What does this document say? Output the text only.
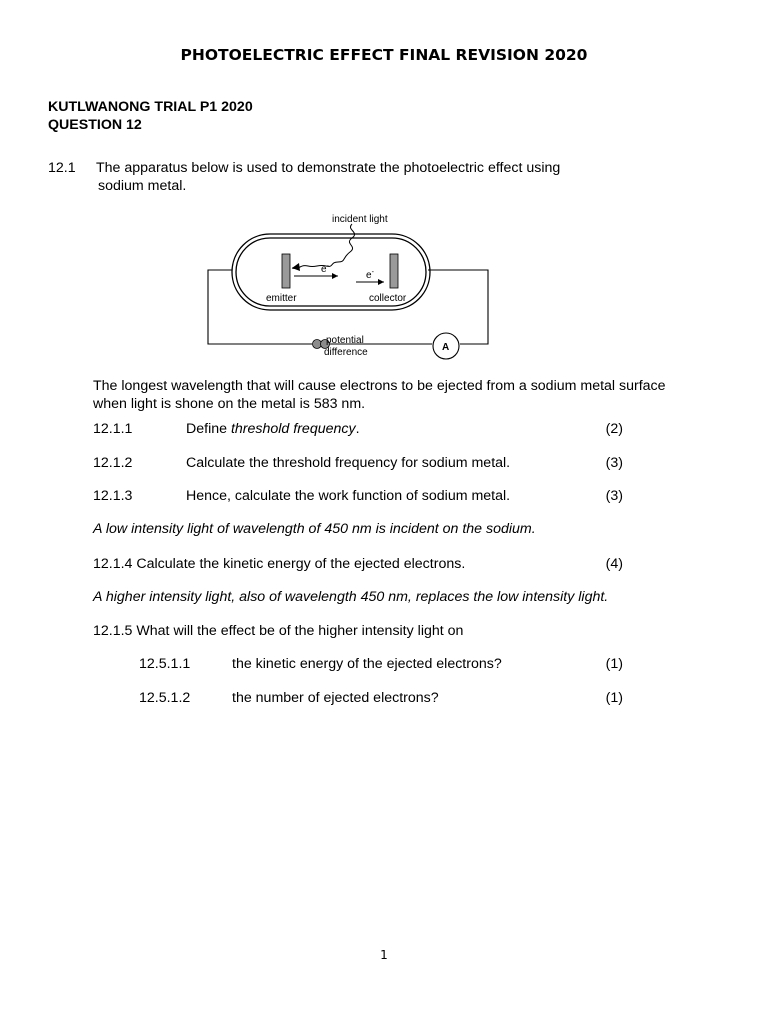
PHOTOELECTRIC EFFECT FINAL REVISION 2020
KUTLWANONG TRIAL P1 2020
QUESTION 12
12.1 The apparatus below is used to demonstrate the photoelectric effect using
sodium metal.
incident light
e-
e-
emitter	collector
potential
difference	A
The longest wavelength that will cause electrons to be ejected from a sodium metal surface
when light is shone on the metal is 583 nm.
12.1.1	Define threshold frequency.	(2)
12.1.2	Calculate the threshold frequency for sodium metal.	(3)
12.1.3	Hence, calculate the work function of sodium metal.	(3)
A low intensity light of wavelength of 450 nm is incident on the sodium.
12.1.4 Calculate the kinetic energy of the ejected electrons.	(4)
A higher intensity light, also of wavelength 450 nm, replaces the low intensity light.
12.1.5 What will the effect be of the higher intensity light on
12.5.1.1	the kinetic energy of the ejected electrons?	(1)
12.5.1.2	the number of ejected electrons?	(1)
1
